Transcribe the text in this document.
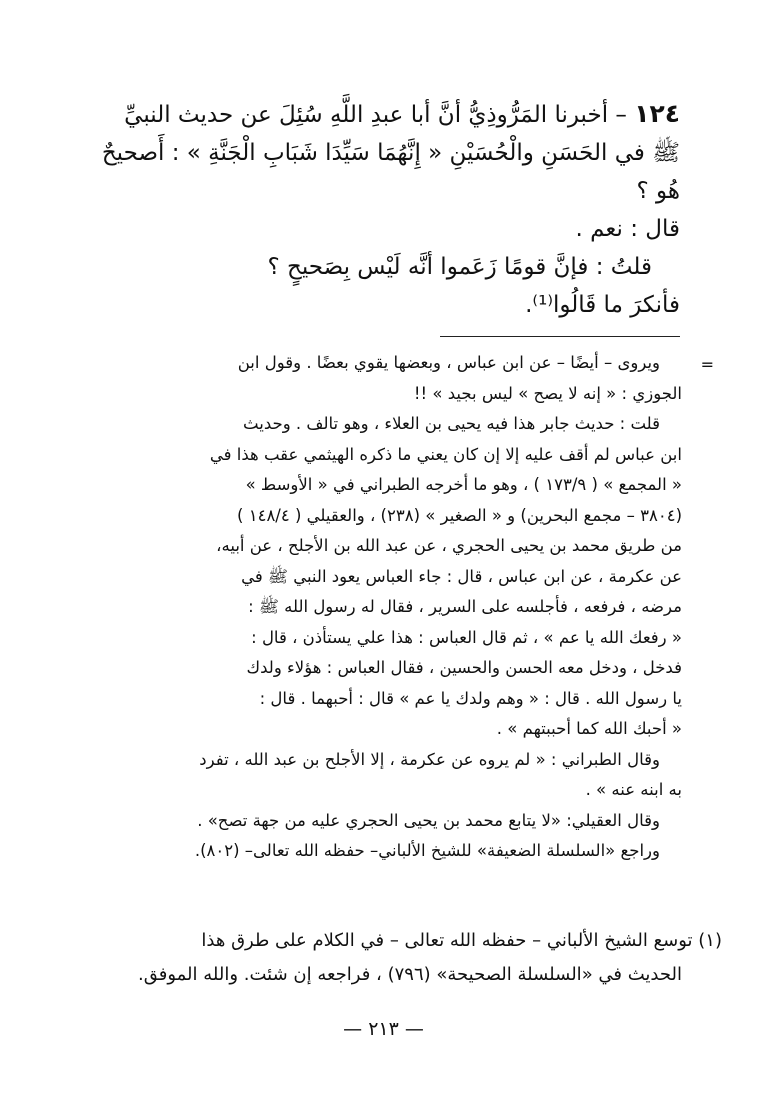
١٢٤ – أخبرنا المَرُّوذِيُّ أنَّ أبا عبدِ اللَّهِ سُئِلَ عن حديث النبيِّ

ﷺ في الحَسَنِ والْحُسَيْنِ « إِنَّهُمَا سَيِّدَا شَبَابِ الْجَنَّةِ » : أَصحيحٌ هُو ؟

قال : نعم .

قلتُ : فإنَّ قومًا زَعَموا أنَّه لَيْس بِصَحيحٍ ؟

فأنكرَ ما قَالُوا⁽¹⁾.

=

ويروى – أيضًا – عن ابن عباس ، وبعضها يقوي بعضًا . وقول ابن

الجوزي : « إنه لا يصح » ليس بجيد » !!

قلت : حديث جابر هذا فيه يحيى بن العلاء ، وهو تالف . وحديث

ابن عباس لم أقف عليه إلا إن كان يعني ما ذكره الهيثمي عقب هذا في

« المجمع » ( ١٧٣/٩ ) ، وهو ما أخرجه الطبراني في « الأوسط »

(٣٨٠٤ – مجمع البحرين) و « الصغير » (٢٣٨) ، والعقيلي ( ١٤٨/٤ )

من طريق محمد بن يحيى الحجري ، عن عبد الله بن الأجلح ، عن أبيه،

عن عكرمة ، عن ابن عباس ، قال : جاء العباس يعود النبي ﷺ في

مرضه ، فرفعه ، فأجلسه على السرير ، فقال له رسول الله ﷺ :

« رفعك الله يا عم » ، ثم قال العباس : هذا علي يستأذن ، قال :

فدخل ، ودخل معه الحسن والحسين ، فقال العباس : هؤلاء ولدك

يا رسول الله . قال : « وهم ولدك يا عم » قال : أحبهما . قال :

« أحبك الله كما أحببتهم » .

وقال الطبراني : « لم يروه عن عكرمة ، إلا الأجلح بن عبد الله ، تفرد

به ابنه عنه » .

وقال العقيلي: «لا يتابع محمد بن يحيى الحجري عليه من جهة تصح» .

وراجع «السلسلة الضعيفة» للشيخ الألباني– حفظه الله تعالى– (٨٠٢).

(١) توسع الشيخ الألباني – حفظه الله تعالى – في الكلام على طرق هذا

الحديث في «السلسلة الصحيحة» (٧٩٦) ، فراجعه إن شئت. والله الموفق.

— ٢١٣ —
